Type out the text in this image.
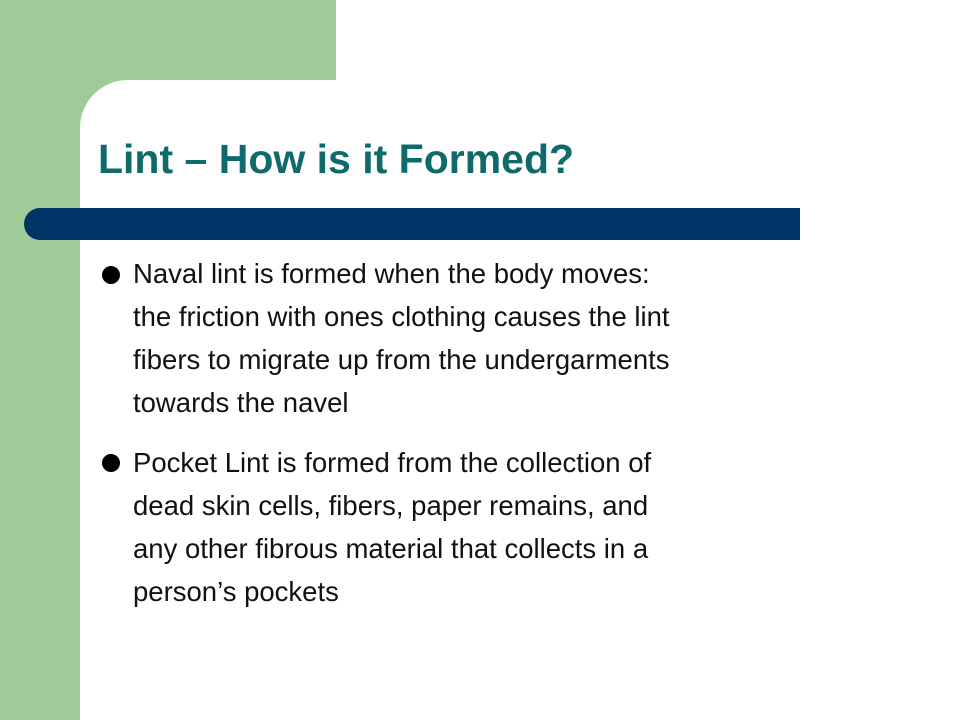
Lint – How is it Formed?

Naval lint is formed when the body moves:

the friction with ones clothing causes the lint

fibers to migrate up from the undergarments

towards the navel

Pocket Lint is formed from the collection of

dead skin cells, fibers, paper remains, and

any other fibrous material that collects in a

person’s pockets
